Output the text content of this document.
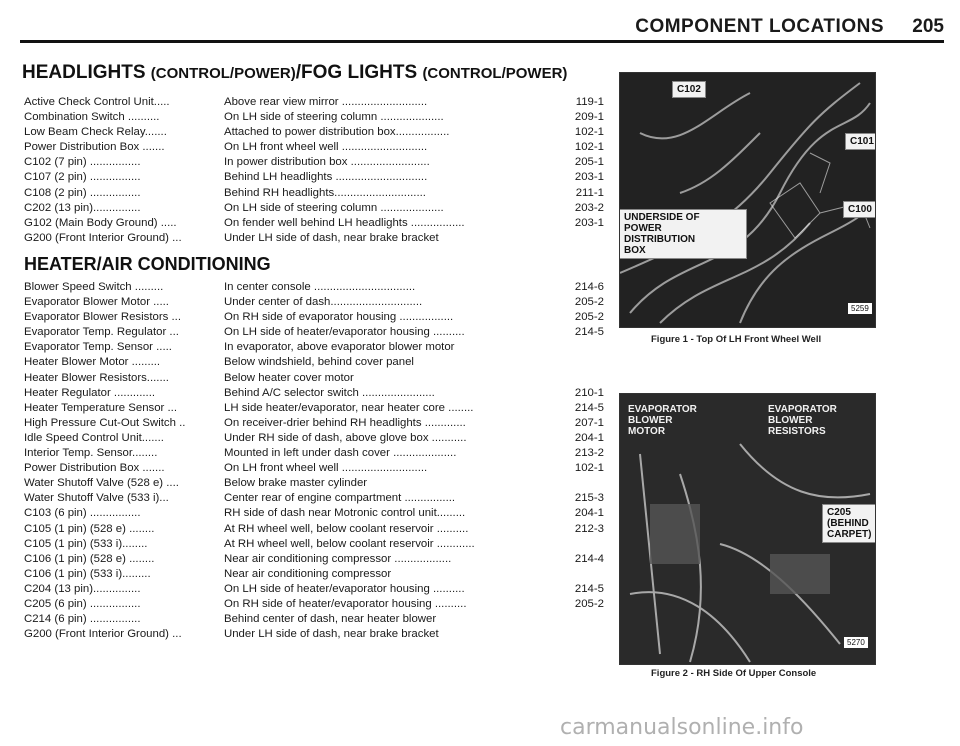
COMPONENT LOCATIONS 205
HEADLIGHTS (CONTROL/POWER)/FOG LIGHTS (CONTROL/POWER)
Active Check Control Unit.....	Above rear view mirror ...........................	119-1
Combination Switch ..........	On LH side of steering column ....................	209-1
Low Beam Check Relay.......	Attached to power distribution box.................	102-1
Power Distribution Box .......	On LH front wheel well ...........................	102-1
C102 (7 pin) ................	In power distribution box .........................	205-1
C107 (2 pin) ................	Behind LH headlights .............................	203-1
C108 (2 pin) ................	Behind RH headlights.............................	211-1
C202 (13 pin)...............	On LH side of steering column ....................	203-2
G102 (Main Body Ground) .....	On fender well behind LH headlights .................	203-1
G200 (Front Interior Ground) ...	Under LH side of dash, near brake bracket
HEATER/AIR CONDITIONING
Blower Speed Switch .........	In center console ................................	214-6
Evaporator Blower Motor .....	Under center of dash.............................	205-2
Evaporator Blower Resistors ...	On RH side of evaporator housing .................	205-2
Evaporator Temp. Regulator ...	On LH side of heater/evaporator housing ..........	214-5
Evaporator Temp. Sensor .....	In evaporator, above evaporator blower motor
Heater Blower Motor .........	Below windshield, behind cover panel
Heater Blower Resistors.......	Below heater cover motor
Heater Regulator .............	Behind A/C selector switch .......................	210-1
Heater Temperature Sensor ...	LH side heater/evaporator, near heater core ........	214-5
High Pressure Cut-Out Switch ..	On receiver-drier behind RH headlights .............	207-1
Idle Speed Control Unit.......	Under RH side of dash, above glove box ...........	204-1
Interior Temp. Sensor........	Mounted in left under dash cover ....................	213-2
Power Distribution Box .......	On LH front wheel well ...........................	102-1
Water Shutoff Valve (528 e) ....	Below brake master cylinder
Water Shutoff Valve (533 i)...	Center rear of engine compartment ................	215-3
C103 (6 pin) ................	RH side of dash near Motronic control unit.........	204-1
C105 (1 pin) (528 e) ........	At RH wheel well, below coolant reservoir ..........	212-3
C105 (1 pin) (533 i)........	At RH wheel well, below coolant reservoir ............
C106 (1 pin) (528 e) ........	Near air conditioning compressor ..................	214-4
C106 (1 pin) (533 i).........	Near air conditioning compressor
C204 (13 pin)...............	On LH side of heater/evaporator housing ..........	214-5
C205 (6 pin) ................	On RH side of heater/evaporator housing ..........	205-2
C214 (6 pin) ................	Behind center of dash, near heater blower
G200 (Front Interior Ground) ...	Under LH side of dash, near brake bracket
C102
C101
C100
UNDERSIDE OF
POWER
DISTRIBUTION
BOX
5259
Figure 1 - Top Of LH Front Wheel Well
EVAPORATOR
BLOWER
MOTOR
EVAPORATOR
BLOWER
RESISTORS
C205
(BEHIND
CARPET)
5270
Figure 2 - RH Side Of Upper Console
carmanualsonline.info
